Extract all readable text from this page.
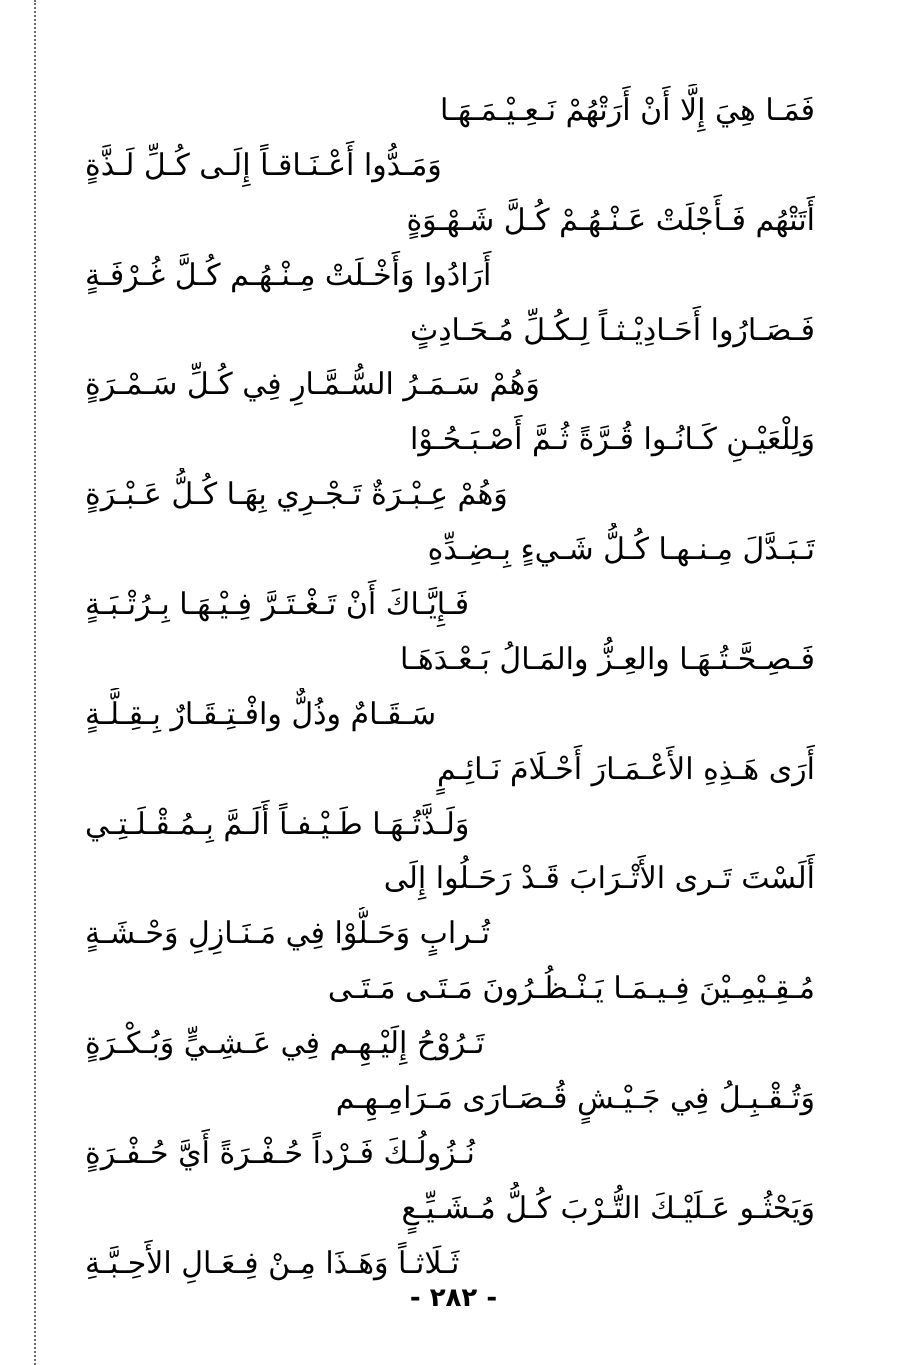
فَمَـا هِيَ إِلَّا أَنْ أَرَتْهُمْ نَـعِـيْـمَـهَـا
وَمَـدُّوا أَعْـنَـاقـاً إِلَـى كُـلِّ لَـذَّةٍ
أَتَتْهُم فَـأَجْلَتْ عَـنْـهُـمْ كُـلَّ شَـهْـوَةٍ
أَرَادُوا وَأَخْـلَتْ مِـنْـهُـم كُـلَّ غُـرْفَـةٍ
فَـصَـارُوا أَحَـادِيْـثـاً لِـكُـلِّ مُـحَـادِثٍ
وَهُمْ سَـمَـرُ السُّـمَّـارِ فِي كُـلِّ سَـمْـرَةٍ
وَلِلْعَيْـنِ كَـانُـوا قُـرَّةً ثُـمَّ أَصْـبَـحُـوْا
وَهُمْ عِـبْـرَةٌ تَـجْـرِي بِهَـا كُـلُّ عَـبْـرَةٍ
تَـبَـدَّلَ مِـنـهـا كُـلُّ شَـيءٍ بِـضِـدِّهِ
فَـإِيَّـاكَ أَنْ تَـغْـتَـرَّ فِـيْـهَـا بِـرُتْـبَـةٍ
فَـصِـحَّـتُـهَـا والعِـزُّ والمَـالُ بَـعْـدَهَـا
سَـقَـامٌ وذُلٌّ وافْـتِـقَـارٌ بِـقِـلَّـةٍ
أَرَى هَـذِهِ الأَعْـمَـارَ أَحْـلَامَ نَـائِـمٍ
وَلَـذَّتُـهَـا طَـيْـفـاً أَلَـمَّ بِـمُـقْـلَـتِـي
أَلَسْتَ تَـرى الأَتْـرَابَ قَـدْ رَحَـلُوا إِلَى
تُـرابٍ وَحَـلُّوْا فِي مَـنَـازِلِ وَحْـشَـةٍ
مُـقِـيْمِـيْنَ فِـيـمَـا يَـنْـظُـرُونَ مَـتَـى مَـتَـى
تَـرُوْحُ إِلَيْـهِـم فِي عَـشِـيٍّ وَبُـكْـرَةٍ
وَتُـقْـبِـلُ فِي جَـيْـشٍ قُـصَـارَى مَـرَامِـهِـم
نُـزُولُـكَ فَـرْداً حُـفْـرَةً أَيَّ حُـفْـرَةٍ
وَيَحْثُـو عَـلَيْـكَ التُّـرْبَ كُـلُّ مُـشَـيِّـعٍ
ثَـلَاثـاً وَهَـذَا مِـنْ فِـعَـالِ الأَحِـبَّـةِ
- ٢٨٢ -
